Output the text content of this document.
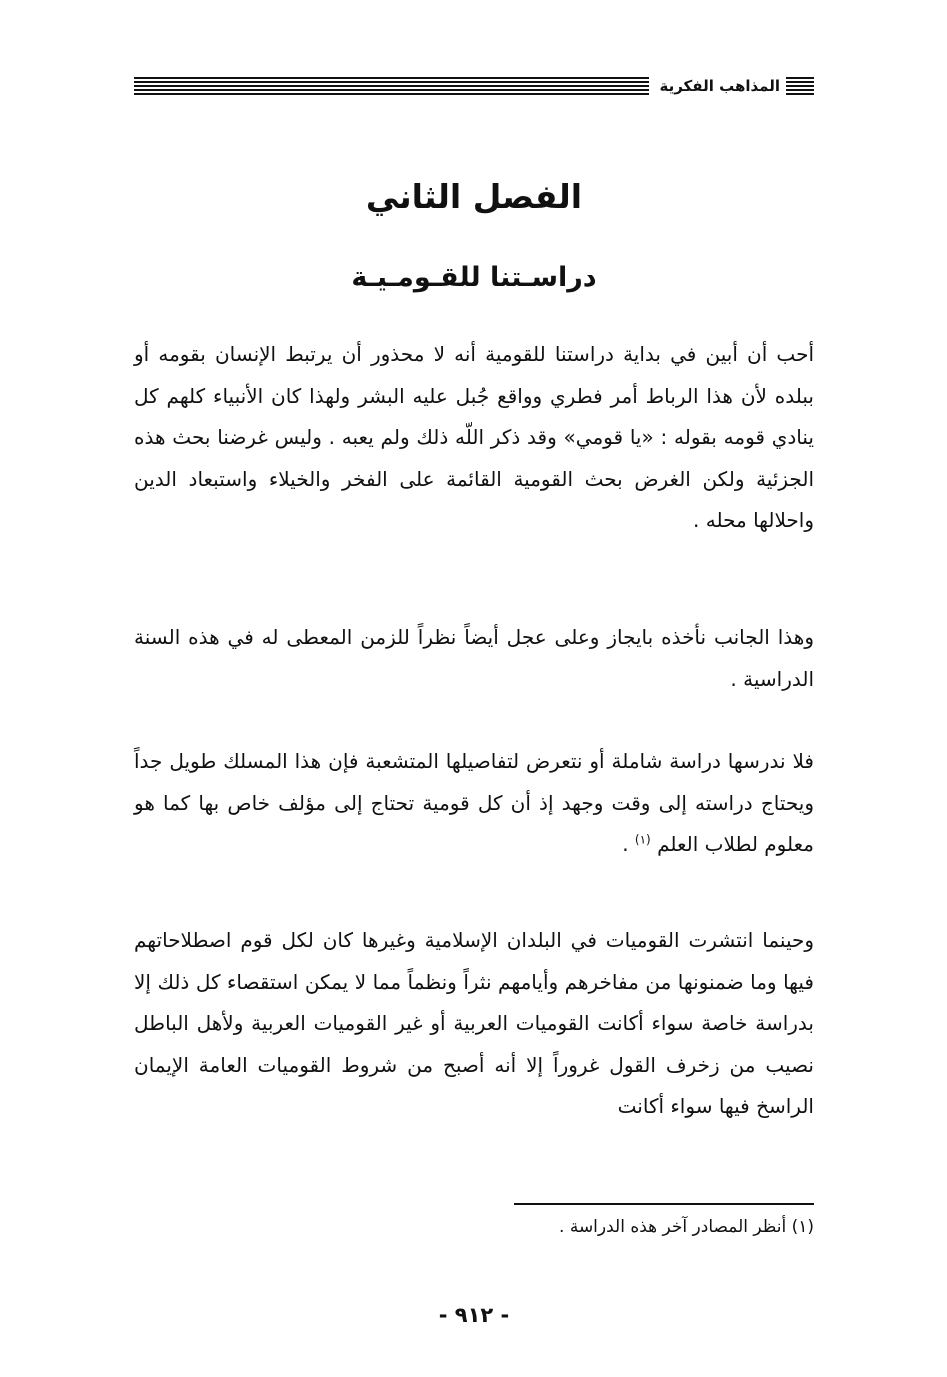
المذاهب الفكرية
الفصل الثاني
دراسـتنا للقـومـيـة

أحب أن أبين في بداية دراستنا للقومية أنه لا محذور أن يرتبط الإنسان بقومه أو ببلده لأن هذا الرباط أمر فطري وواقع جُبل عليه البشر ولهذا كان الأنبياء كلهم كل ينادي قومه بقوله : «يا قومي» وقد ذكر اللّه ذلك ولم يعبه . وليس غرضنا بحث هذه الجزئية ولكن الغرض بحث القومية القائمة على الفخر والخيلاء واستبعاد الدين واحلالها محله .

وهذا الجانب نأخذه بايجاز وعلى عجل أيضاً نظراً للزمن المعطى له في هذه السنة الدراسية .

فلا ندرسها دراسة شاملة أو نتعرض لتفاصيلها المتشعبة فإن هذا المسلك طويل جداً ويحتاج دراسته إلى وقت وجهد إذ أن كل قومية تحتاج إلى مؤلف خاص بها كما هو معلوم لطلاب العلم $^{(١)}$ .

وحينما انتشرت القوميات في البلدان الإسلامية وغيرها كان لكل قوم اصطلاحاتهم فيها وما ضمنونها من مفاخرهم وأيامهم نثراً ونظماً مما لا يمكن استقصاء كل ذلك إلا بدراسة خاصة سواء أكانت القوميات العربية أو غير القوميات العربية ولأهل الباطل نصيب من زخرف القول غروراً إلا أنه أصبح من شروط القوميات العامة الإيمان الراسخ فيها سواء أكانت

(١) أنظر المصادر آخر هذه الدراسة .
- ٩١٢ -
